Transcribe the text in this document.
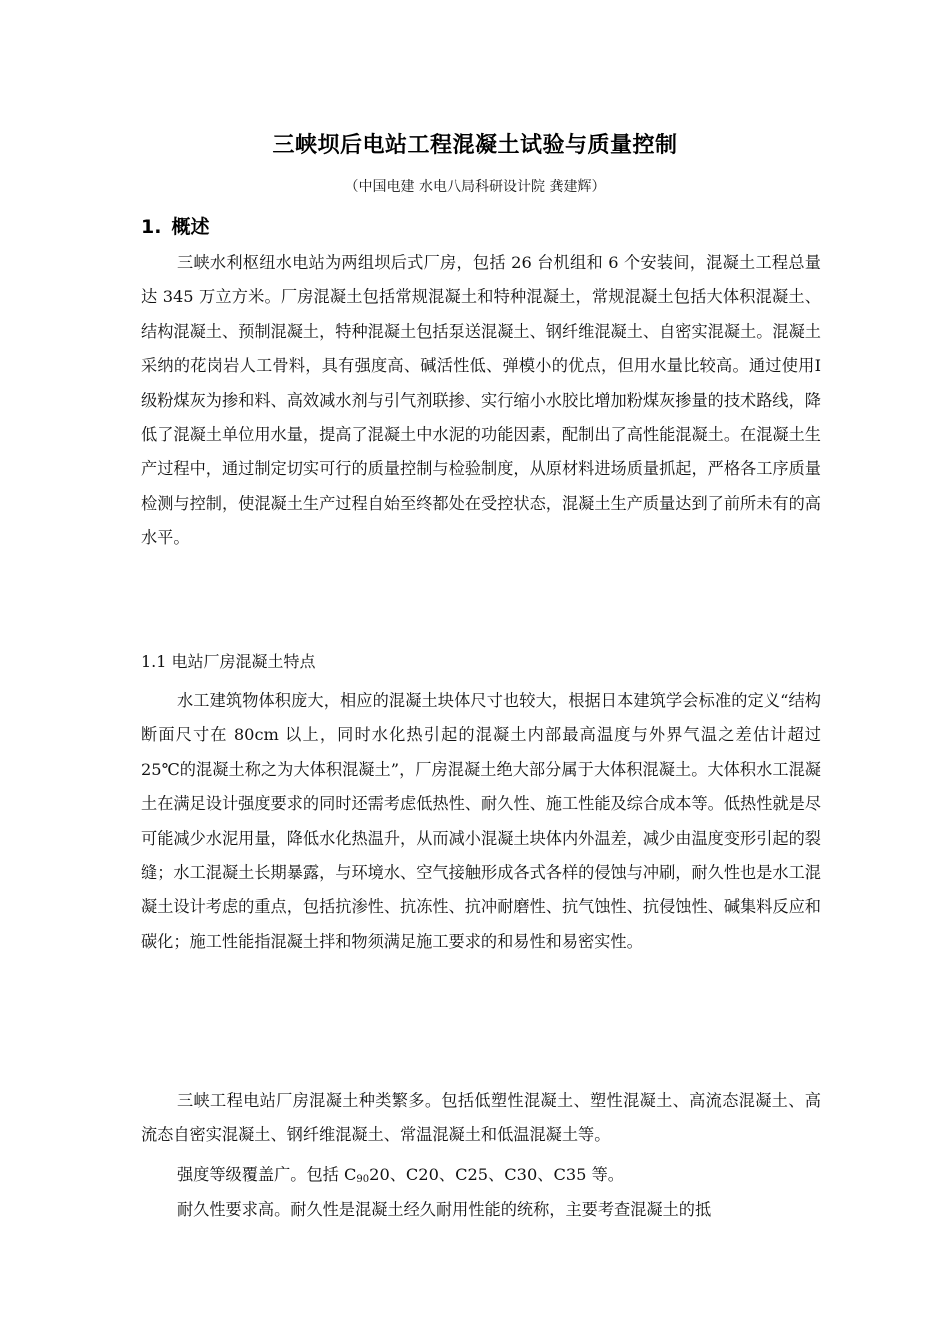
三峡坝后电站工程混凝土试验与质量控制
（中国电建 水电八局科研设计院 龚建辉）
1. 概述

三峡水利枢纽水电站为两组坝后式厂房，包括 26 台机组和 6 个安装间，混凝土工程总量达 345 万立方米。厂房混凝土包括常规混凝土和特种混凝土，常规混凝土包括大体积混凝土、结构混凝土、预制混凝土，特种混凝土包括泵送混凝土、钢纤维混凝土、自密实混凝土。混凝土采纳的花岗岩人工骨料，具有强度高、碱活性低、弹模小的优点，但用水量比较高。通过使用Ⅰ级粉煤灰为掺和料、高效减水剂与引气剂联掺、实行缩小水胶比增加粉煤灰掺量的技术路线，降低了混凝土单位用水量，提高了混凝土中水泥的功能因素，配制出了高性能混凝土。在混凝土生产过程中，通过制定切实可行的质量控制与检验制度，从原材料进场质量抓起，严格各工序质量检测与控制，使混凝土生产过程自始至终都处在受控状态，混凝土生产质量达到了前所未有的高水平。

1.1 电站厂房混凝土特点

水工建筑物体积庞大，相应的混凝土块体尺寸也较大，根据日本建筑学会标准的定义“结构断面尺寸在 80cm 以上，同时水化热引起的混凝土内部最高温度与外界气温之差估计超过 25℃的混凝土称之为大体积混凝土”，厂房混凝土绝大部分属于大体积混凝土。大体积水工混凝土在满足设计强度要求的同时还需考虑低热性、耐久性、施工性能及综合成本等。低热性就是尽可能减少水泥用量，降低水化热温升，从而减小混凝土块体内外温差，减少由温度变形引起的裂缝；水工混凝土长期暴露，与环境水、空气接触形成各式各样的侵蚀与冲刷，耐久性也是水工混凝土设计考虑的重点，包括抗渗性、抗冻性、抗冲耐磨性、抗气蚀性、抗侵蚀性、碱集料反应和碳化；施工性能指混凝土拌和物须满足施工要求的和易性和易密实性。

三峡工程电站厂房混凝土种类繁多。包括低塑性混凝土、塑性混凝土、高流态混凝土、高流态自密实混凝土、钢纤维混凝土、常温混凝土和低温混凝土等。

强度等级覆盖广。包括 $C_{90}20$、C20、C25、C30、C35 等。

耐久性要求高。耐久性是混凝土经久耐用性能的统称，主要考查混凝土的抵
